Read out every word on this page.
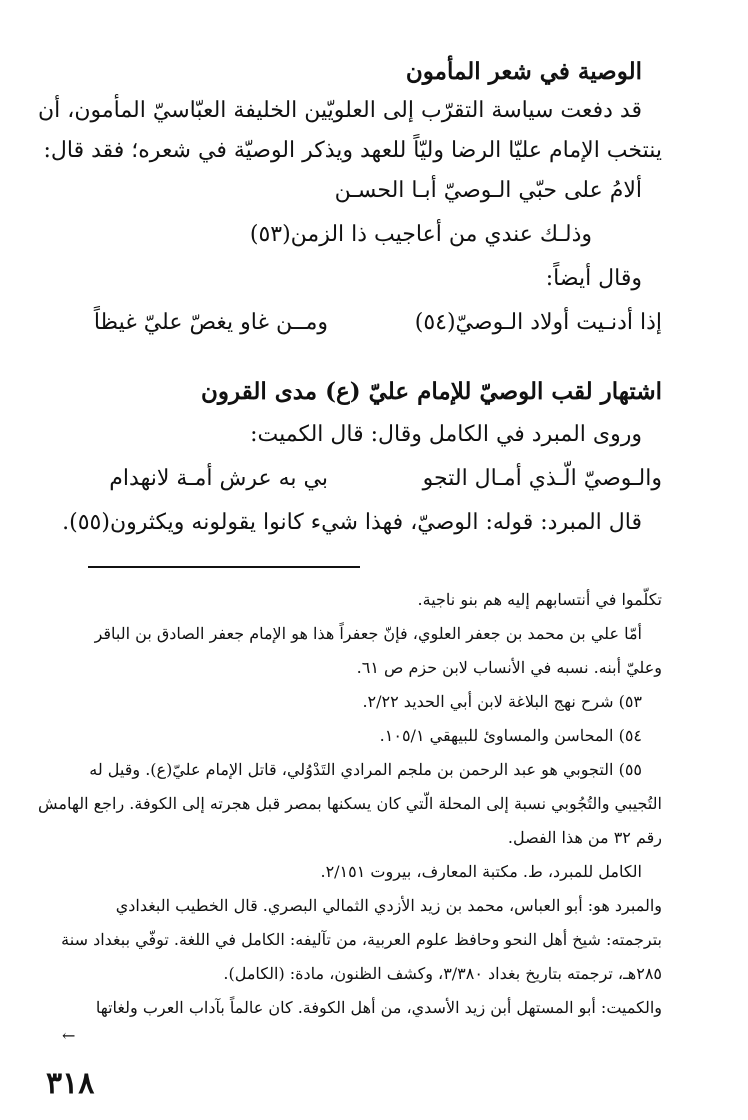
الوصية في شعر المأمون
قد دفعت سياسة التقرّب إلى العلويّين الخليفة العبّاسيّ المأمون، أن
ينتخب الإمام عليّا الرضا وليّاً للعهد ويذكر الوصيّة في شعره؛ فقد قال:
ألامُ على حبّي الـوصيّ أبـا الحسـن
وذلـك عندي من أعاجيب ذا الزمن(٥٣)
وقال أيضاً:
إذا أدنـيت أولاد الـوصيّ(٥٤)
ومــن غاو يغصّ عليّ غيظاً
اشتهار لقب الوصيّ للإمام عليّ (ع) مدى القرون
وروى المبرد في الكامل وقال: قال الكميت:
والـوصيّ الّـذي أمـال التجو
بي به عرش أمـة لانهدام
قال المبرد: قوله: الوصيّ، فهذا شيء كانوا يقولونه ويكثرون(٥٥).
تكلّموا في أنتسابهم إليه هم بنو ناجية.
أمّا علي بن محمد بن جعفر العلوي، فإنّ جعفراً هذا هو الإمام جعفر الصادق بن الباقر
وعليّ أبنه. نسبه في الأنساب لابن حزم ص ٦١.
٥٣) شرح نهج البلاغة لابن أبي الحديد ٢/٢٢.
٥٤) المحاسن والمساوئ للبيهقي ١٠٥/١.
٥٥) التجوبي هو عبد الرحمن بن ملجم المرادي التَدْوُلي، قاتل الإمام عليّ(ع). وقيل له
التُجيبي والتُجُوبي نسبة إلى المحلة الّتي كان يسكنها بمصر قبل هجرته إلى الكوفة. راجع الهامش
رقم ٣٢ من هذا الفصل.
الكامل للمبرد، ط. مكتبة المعارف، بيروت ٢/١٥١.
والمبرد هو: أبو العباس، محمد بن زيد الأزدي الثمالي البصري. قال الخطيب البغدادي
بترجمته: شيخ أهل النحو وحافظ علوم العربية، من تآليفه: الكامل في اللغة. توفّي ببغداد سنة
٢٨٥هـ، ترجمته بتاريخ بغداد ٣/٣٨٠، وكشف الظنون، مادة: (الكامل).
والكميت: أبو المستهل أبن زيد الأسدي، من أهل الكوفة. كان عالماً بآداب العرب ولغاتها
←
٣١٨
